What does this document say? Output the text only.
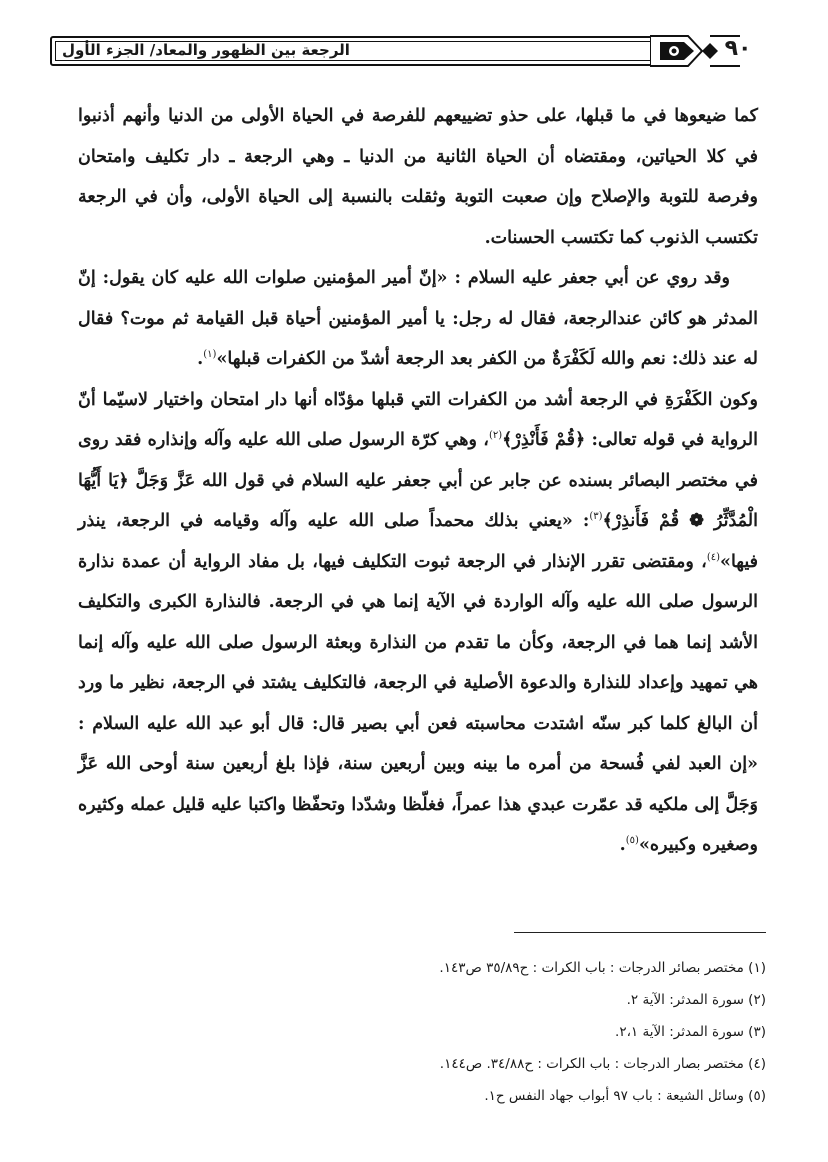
الرجعة بين الظهور والمعاد/ الجزء الأول	٩٠

كما ضيعوها في ما قبلها، على حذو تضييعهم للفرصة في الحياة الأولى من الدنيا وأنهم أذنبوا في كلا الحياتين، ومقتضاه أن الحياة الثانية من الدنيا ـ وهي الرجعة ـ دار تكليف وامتحان وفرصة للتوبة والإصلاح وإن صعبت التوبة وثقلت بالنسبة إلى الحياة الأولى، وأن في الرجعة تكتسب الذنوب كما تكتسب الحسنات.

وقد روي عن أبي جعفر عليه السلام : «إنّ أمير المؤمنين صلوات الله عليه كان يقول: إنّ المدثر هو كائن عندالرجعة، فقال له رجل: يا أمير المؤمنين أحياة قبل القيامة ثم موت؟ فقال له عند ذلك: نعم والله لَكَفْرَةٌ من الكفر بعد الرجعة أشدّ من الكفرات قبلها»$^{(١)}$.

وكون الكَفْرَةِ في الرجعة أشد من الكفرات التي قبلها مؤدّاه أنها دار امتحان واختيار لاسيّما أنّ الرواية في قوله تعالى: ﴿قُمْ فَأَنْذِرْ﴾$^{(٢)}$، وهي كرّة الرسول صلى الله عليه وآله وإنذاره فقد روى في مختصر البصائر بسنده عن جابر عن أبي جعفر عليه السلام في قول الله عَزَّ وَجَلَّ ﴿يَا أَيُّهَا الْمُدَّثِّرُ ❁ قُمْ فَأَنذِرْ﴾$^{(٣)}$: «يعني بذلك محمداً صلى الله عليه وآله وقيامه في الرجعة، ينذر فيها»$^{(٤)}$، ومقتضى تقرر الإنذار في الرجعة ثبوت التكليف فيها، بل مفاد الرواية أن عمدة نذارة الرسول صلى الله عليه وآله الواردة في الآية إنما هي في الرجعة. فالنذارة الكبرى والتكليف الأشد إنما هما في الرجعة، وكأن ما تقدم من النذارة وبعثة الرسول صلى الله عليه وآله إنما هي تمهيد وإعداد للنذارة والدعوة الأصلية في الرجعة، فالتكليف يشتد في الرجعة، نظير ما ورد أن البالغ كلما كبر سنّه اشتدت محاسبته فعن أبي بصير قال: قال أبو عبد الله عليه السلام : «إن العبد لفي فُسحة من أمره ما بينه وبين أربعين سنة، فإذا بلغ أربعين سنة أوحى الله عَزَّ وَجَلَّ إلى ملكيه قد عمّرت عبدي هذا عمراً، فغلّظا وشدّدا وتحفّظا واكتبا عليه قليل عمله وكثيره وصغيره وكبيره»$^{(٥)}$.

(١) مختصر بصائر الدرجات : باب الكرات : ح٣٥/٨٩ ص١٤٣.
(٢) سورة المدثر: الآية ٢.
(٣) سورة المدثر: الآية ٢،١.
(٤) مختصر بصار الدرجات : باب الكرات : ح٣٤/٨٨. ص١٤٤.
(٥) وسائل الشيعة : باب ٩٧ أبواب جهاد النفس ح١.
